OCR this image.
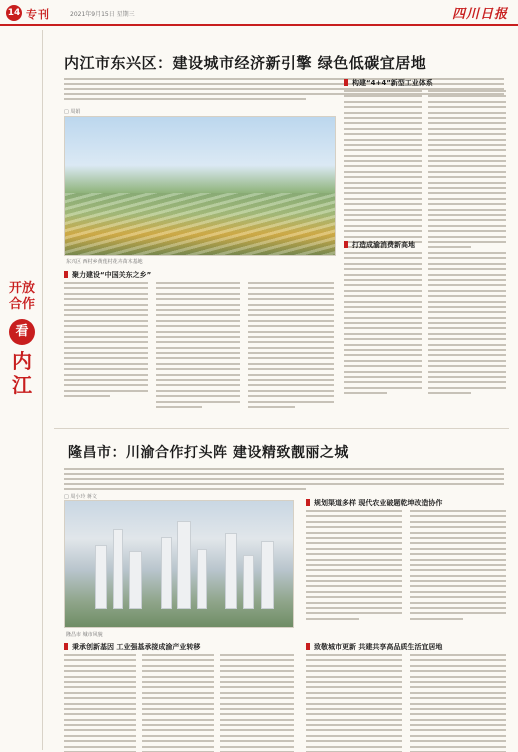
14 专刊	2021年9月15日 星期三	四川日报
开放合作
看
内江
内江市东兴区：建设城市经济新引擎 绿色低碳宜居地
□ 周娟
东兴区 西村乡黄莲村花卉苗木基地
构建“4+4”新型工业体系
打造成渝消费新高地
聚力建设“中国关东之乡”
隆昌市：川渝合作打头阵 建设精致靓丽之城
□ 周小玲 蒋文
隆昌市 城市风貌
规划渠道多样 现代农业破题乾坤改造协作
秉承创新基因 工业强基承接成渝产业转移	致敬城市更新 共建共享高品质生活宜居地
